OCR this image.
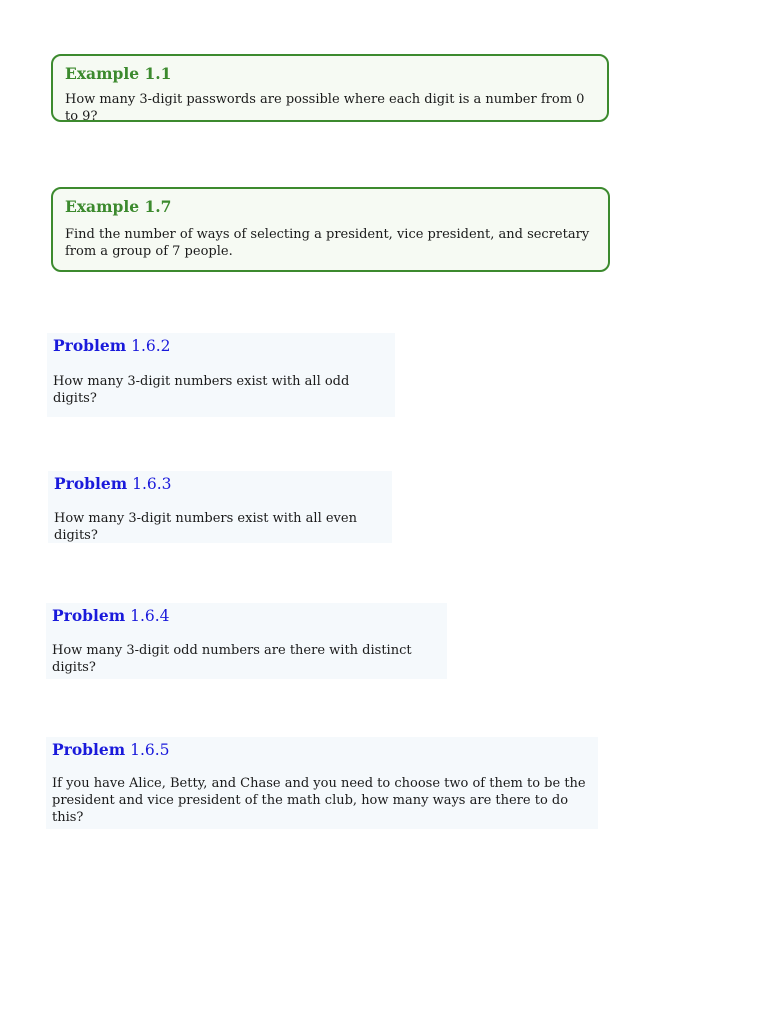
Example 1.1
How many 3-digit passwords are possible where each digit is a number from 0 to 9?
Example 1.7
Find the number of ways of selecting a president, vice president, and secretary from a group of 7 people.
Problem 1.6.2
How many 3-digit numbers exist with all odd digits?
Problem 1.6.3
How many 3-digit numbers exist with all even digits?
Problem 1.6.4
How many 3-digit odd numbers are there with distinct digits?
Problem 1.6.5
If you have Alice, Betty, and Chase and you need to choose two of them to be the president and vice president of the math club, how many ways are there to do this?
